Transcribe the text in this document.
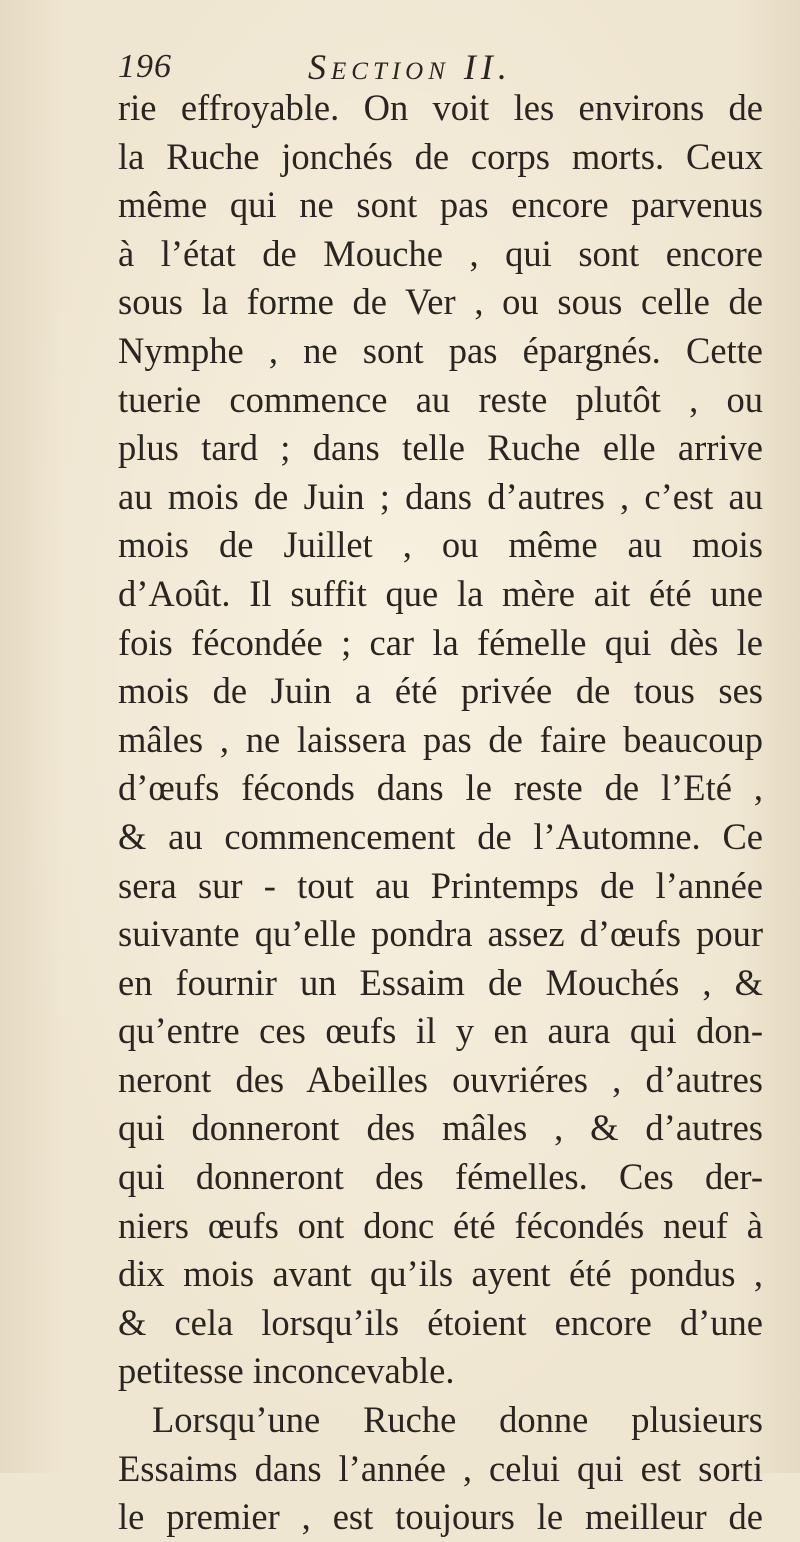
196	Section II.
rie effroyable. On voit les environs de
la Ruche jonchés de corps morts. Ceux
même qui ne sont pas encore parvenus
à l’état de Mouche , qui sont encore
sous la forme de Ver , ou sous celle de
Nymphe , ne sont pas épargnés. Cette
tuerie commence au reste plutôt , ou
plus tard ; dans telle Ruche elle arrive
au mois de Juin ; dans d’autres , c’est au
mois de Juillet , ou même au mois
d’Août. Il suffit que la mère ait été une
fois fécondée ; car la fémelle qui dès le
mois de Juin a été privée de tous ses
mâles , ne laissera pas de faire beaucoup
d’œufs féconds dans le reste de l’Eté ,
& au commencement de l’Automne. Ce
sera sur - tout au Printemps de l’année
suivante qu’elle pondra assez d’œufs pour
en fournir un Essaim de Mouchés , &
qu’entre ces œufs il y en aura qui don-
neront des Abeilles ouvriéres , d’autres
qui donneront des mâles , & d’autres
qui donneront des fémelles. Ces der-
niers œufs ont donc été fécondés neuf à
dix mois avant qu’ils ayent été pondus ,
& cela lorsqu’ils étoient encore d’une
petitesse inconcevable.
Lorsqu’une Ruche donne plusieurs
Essaims dans l’année , celui qui est sorti
le premier , est toujours le meilleur de
